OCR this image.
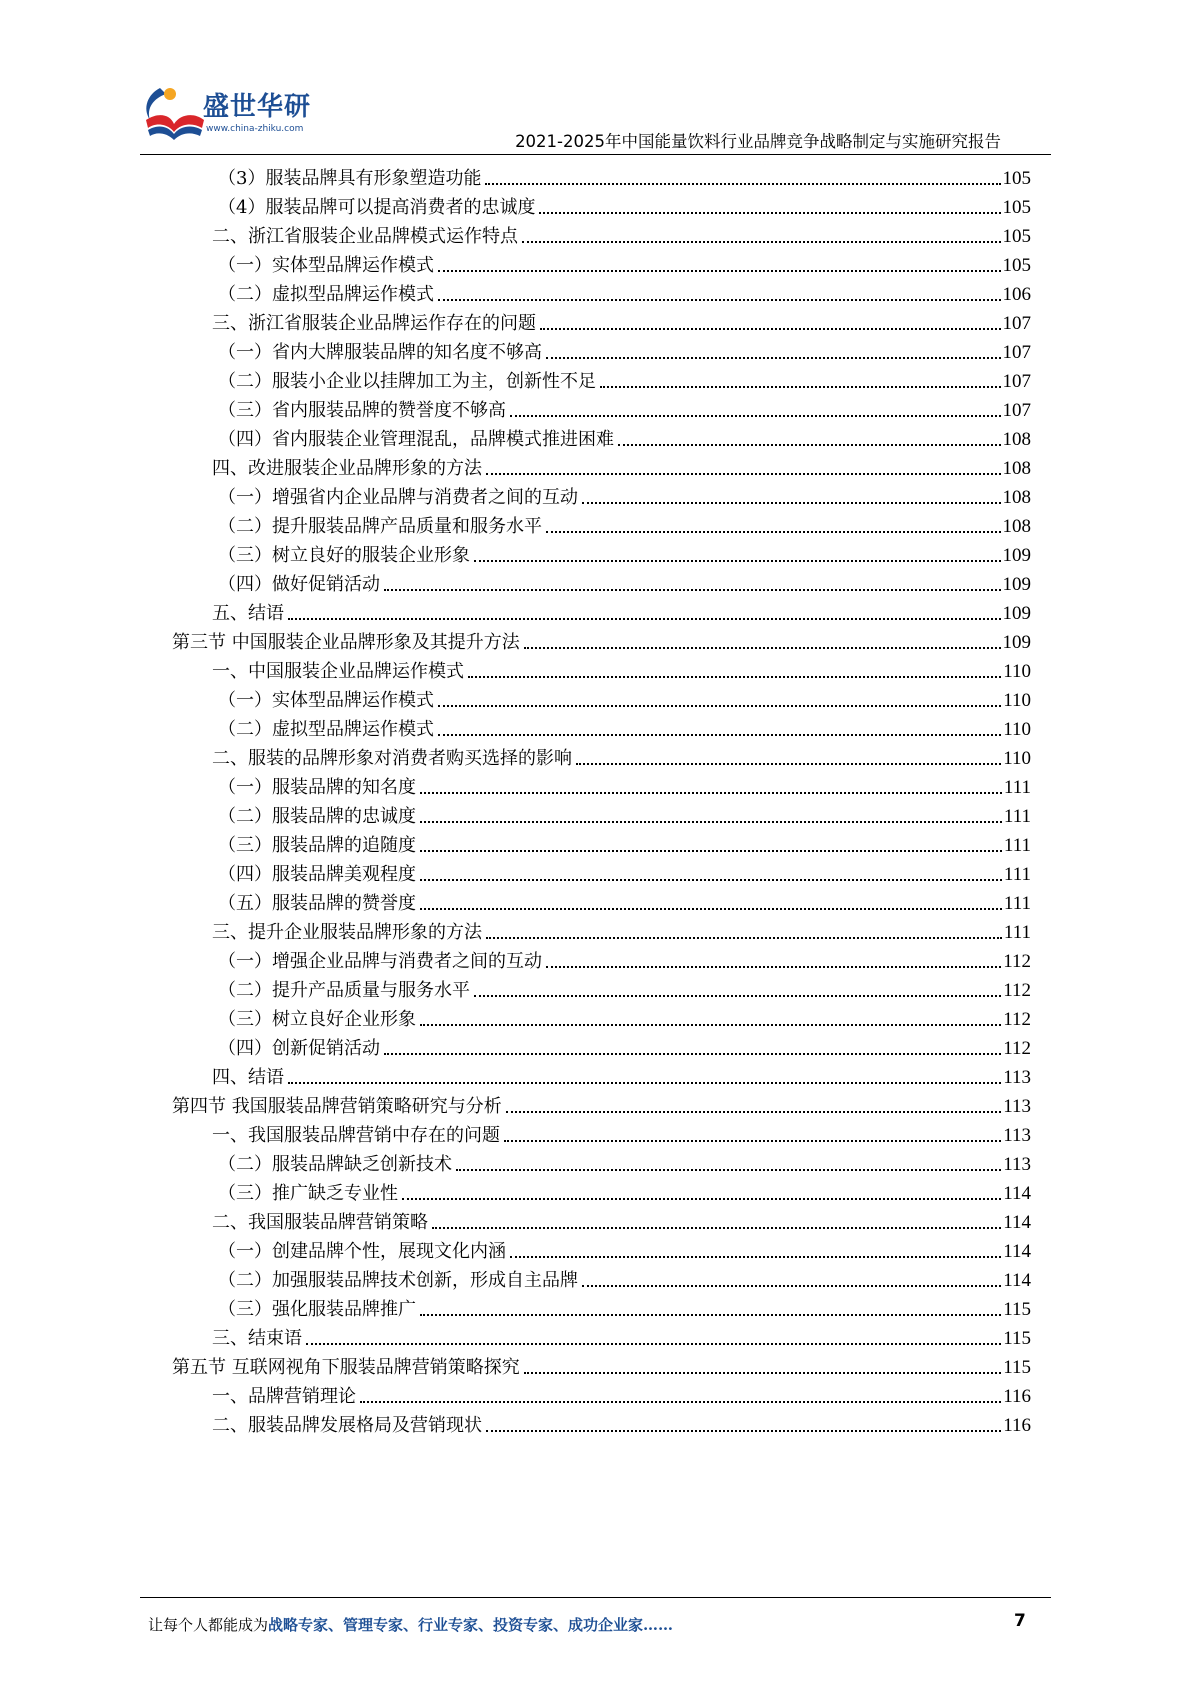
盛世华研
www.china-zhiku.com
2021-2025年中国能量饮料行业品牌竞争战略制定与实施研究报告
（3）服装品牌具有形象塑造功能	105
（4）服装品牌可以提高消费者的忠诚度	105
二、浙江省服装企业品牌模式运作特点	105
（一）实体型品牌运作模式	105
（二）虚拟型品牌运作模式	106
三、浙江省服装企业品牌运作存在的问题	107
（一）省内大牌服装品牌的知名度不够高	107
（二）服装小企业以挂牌加工为主，创新性不足	107
（三）省内服装品牌的赞誉度不够高	107
（四）省内服装企业管理混乱，品牌模式推进困难	108
四、改进服装企业品牌形象的方法	108
（一）增强省内企业品牌与消费者之间的互动	108
（二）提升服装品牌产品质量和服务水平	108
（三）树立良好的服装企业形象	109
（四）做好促销活动	109
五、结语	109
第三节 中国服装企业品牌形象及其提升方法	109
一、中国服装企业品牌运作模式	110
（一）实体型品牌运作模式	110
（二）虚拟型品牌运作模式	110
二、服装的品牌形象对消费者购买选择的影响	110
（一）服装品牌的知名度	111
（二）服装品牌的忠诚度	111
（三）服装品牌的追随度	111
（四）服装品牌美观程度	111
（五）服装品牌的赞誉度	111
三、提升企业服装品牌形象的方法	111
（一）增强企业品牌与消费者之间的互动	112
（二）提升产品质量与服务水平	112
（三）树立良好企业形象	112
（四）创新促销活动	112
四、结语	113
第四节 我国服装品牌营销策略研究与分析	113
一、我国服装品牌营销中存在的问题	113
（二）服装品牌缺乏创新技术	113
（三）推广缺乏专业性	114
二、我国服装品牌营销策略	114
（一）创建品牌个性，展现文化内涵	114
（二）加强服装品牌技术创新，形成自主品牌	114
（三）强化服装品牌推广	115
三、结束语	115
第五节 互联网视角下服装品牌营销策略探究	115
一、品牌营销理论	116
二、服装品牌发展格局及营销现状	116
让每个人都能成为战略专家、管理专家、行业专家、投资专家、成功企业家……	7
